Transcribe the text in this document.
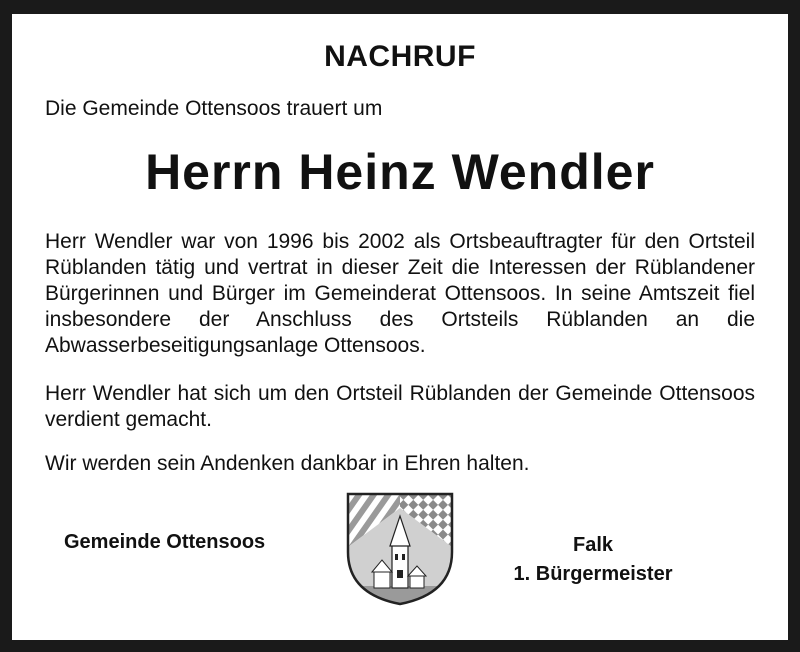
NACHRUF
Die Gemeinde Ottensoos trauert um
Herrn Heinz Wendler
Herr Wendler war von 1996 bis 2002 als Ortsbeauftragter für den Ortsteil Rüblanden tätig und vertrat in dieser Zeit die Interessen der Rüblandener Bürgerinnen und Bürger im Gemeinderat Ottensoos. In seine Amtszeit fiel insbesondere der Anschluss des Ortsteils Rüblanden an die Abwasserbeseitigungsanlage Ottensoos.
Herr Wendler hat sich um den Ortsteil Rüblanden der Gemeinde Ottensoos verdient gemacht.
Wir werden sein Andenken dankbar in Ehren halten.
Gemeinde Ottensoos	Falk
1. Bürgermeister
